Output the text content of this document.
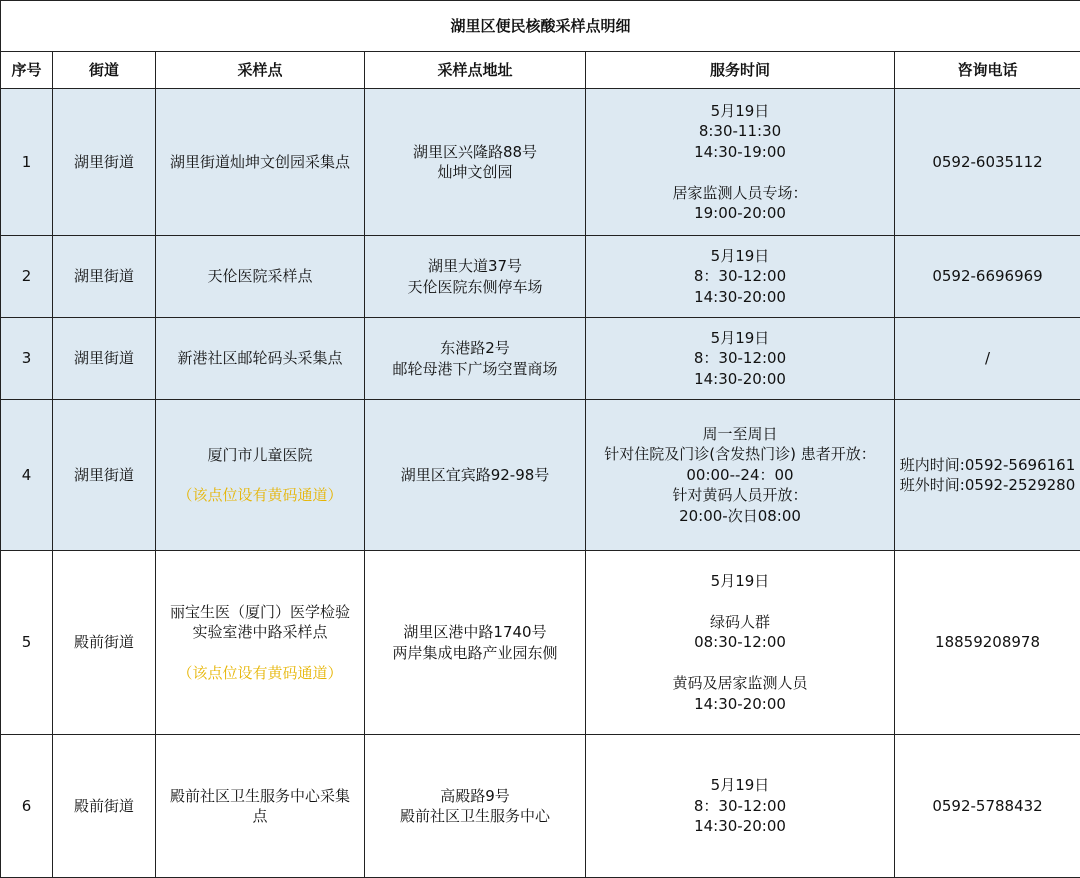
湖里区便民核酸采样点明细					
序号	街道	采样点	采样点地址	服务时间	咨询电话
1	湖里街道	湖里街道灿坤文创园采集点	湖里区兴隆路88号
灿坤文创园	5月19日
8:30-11:30
14:30-19:00
居家监测人员专场：
19:00-20:00	0592-6035112

2	湖里街道	天伦医院采样点	湖里大道37号
天伦医院东侧停车场	5月19日
8：30-12:00
14:30-20:00	0592-6696969

3	湖里街道	新港社区邮轮码头采集点	东港路2号
邮轮母港下广场空置商场	5月19日
8：30-12:00
14:30-20:00	/

4	湖里街道	厦门市儿童医院
（该点位设有黄码通道）	湖里区宜宾路92-98号	周一至周日
针对住院及门诊(含发热门诊) 患者开放：
00:00--24：00
针对黄码人员开放：
20:00-次日08:00	班内时间:0592-5696161
班外时间:0592-2529280

5	殿前街道	丽宝生医（厦门）医学检验
实验室港中路采样点
（该点位设有黄码通道）	湖里区港中路1740号
两岸集成电路产业园东侧	5月19日
绿码人群
08:30-12:00
黄码及居家监测人员
14:30-20:00	18859208978

6	殿前街道	殿前社区卫生服务中心采集
点	高殿路9号
殿前社区卫生服务中心	5月19日
8：30-12:00
14:30-20:00	0592-5788432
